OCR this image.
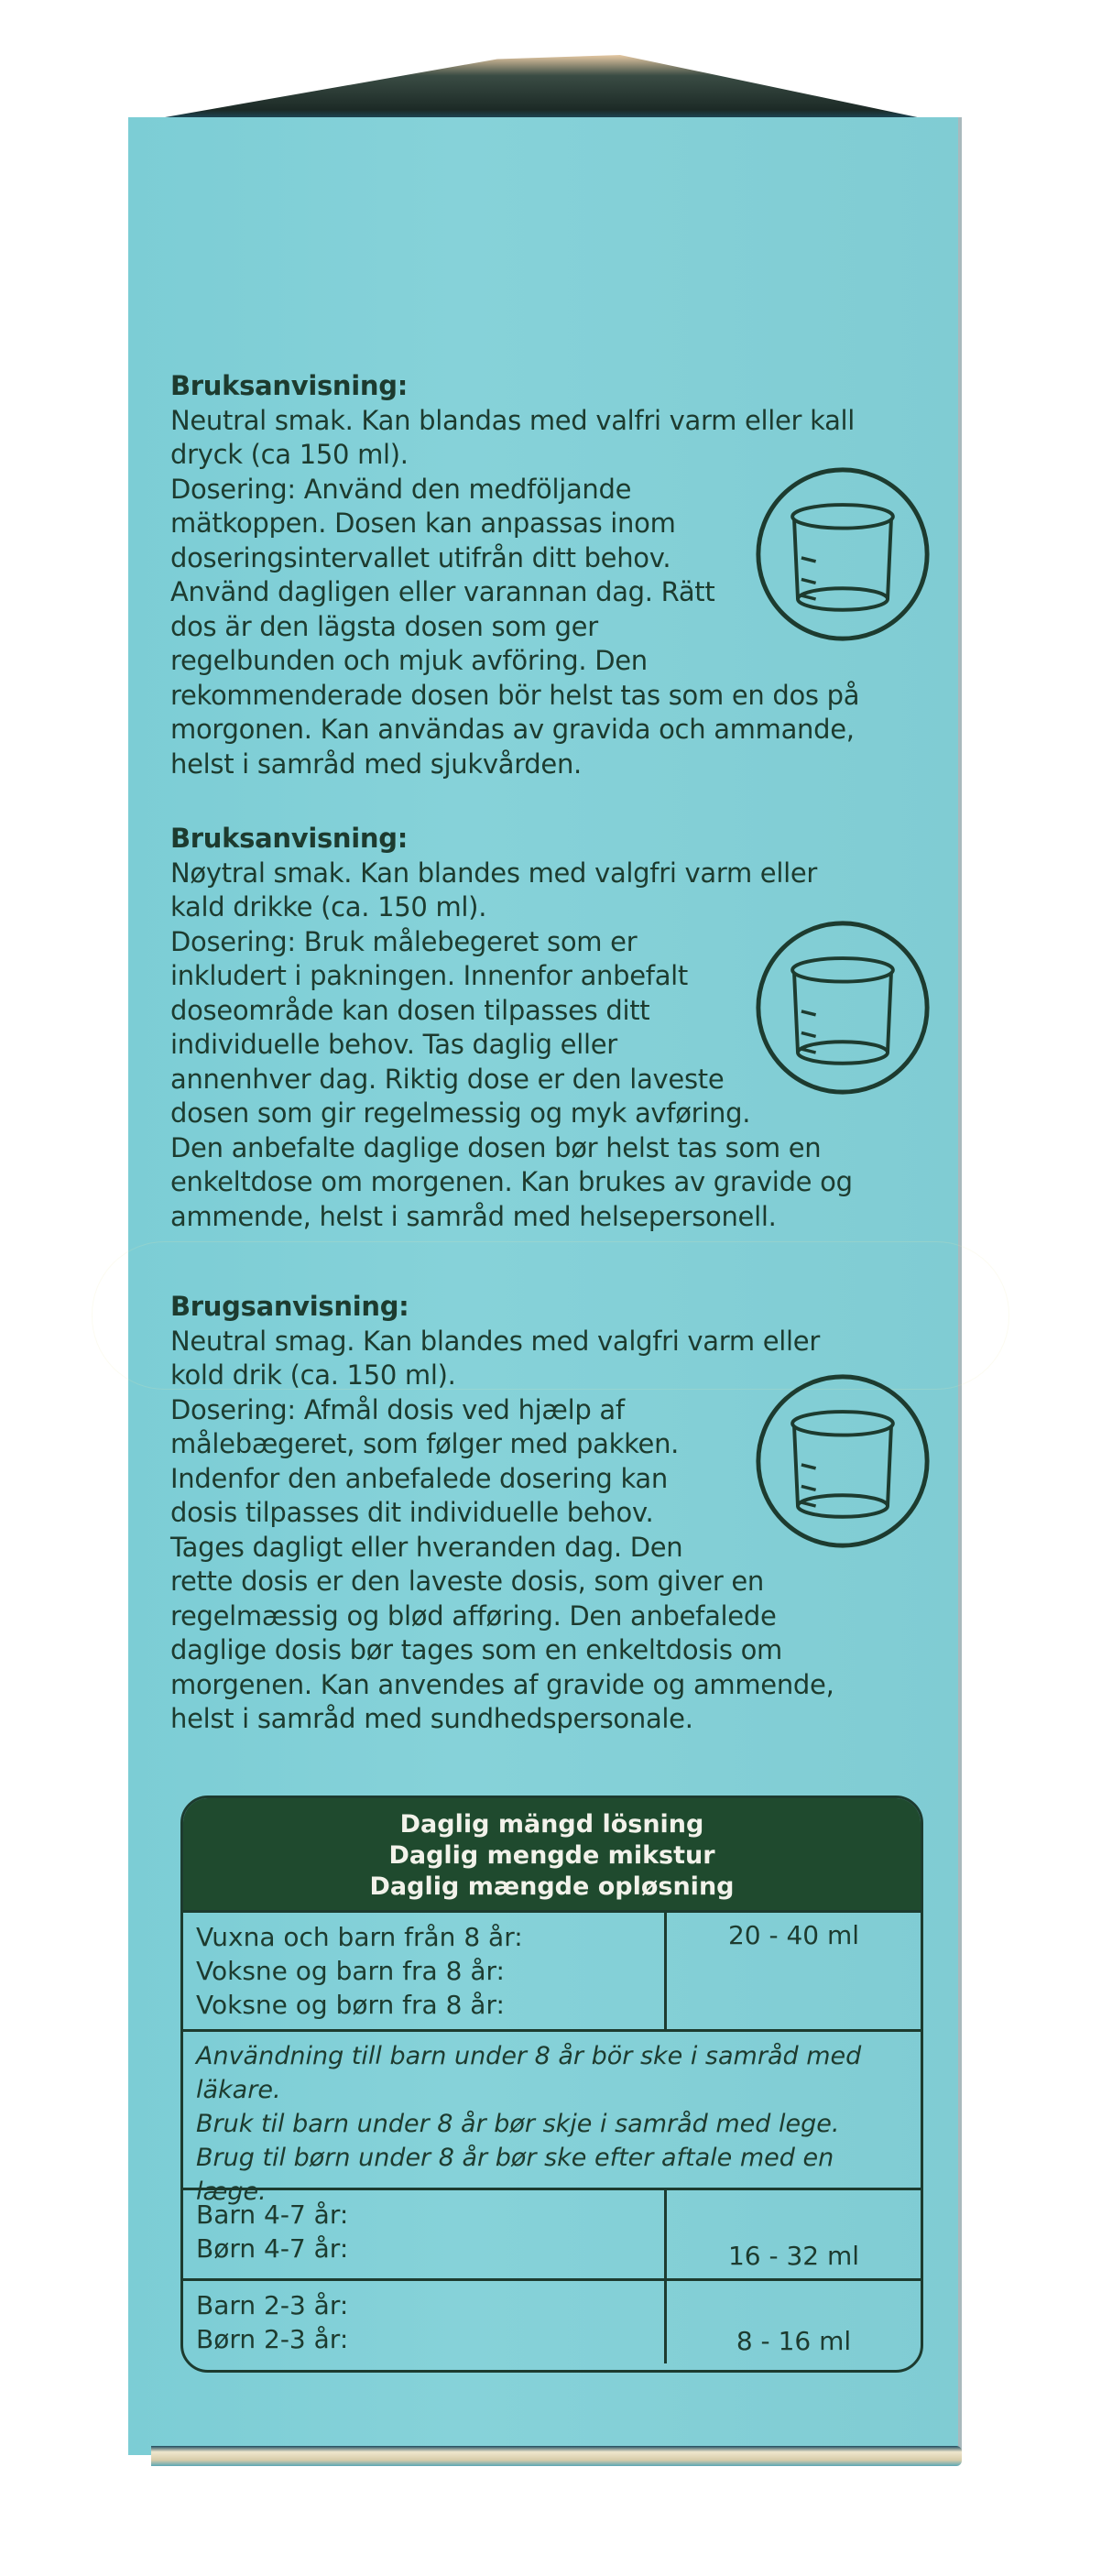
Bruksanvisning:
Neutral smak. Kan blandas med valfri varm eller kall
dryck (ca 150 ml).
Dosering: Använd den medföljande
mätkoppen. Dosen kan anpassas inom
doseringsintervallet utifrån ditt behov.
Använd dagligen eller varannan dag. Rätt
dos är den lägsta dosen som ger
regelbunden och mjuk avföring. Den
rekommenderade dosen bör helst tas som en dos på
morgonen. Kan användas av gravida och ammande,
helst i samråd med sjukvården.
Bruksanvisning:
Nøytral smak. Kan blandes med valgfri varm eller
kald drikke (ca. 150 ml).
Dosering: Bruk målebegeret som er
inkludert i pakningen. Innenfor anbefalt
doseområde kan dosen tilpasses ditt
individuelle behov. Tas daglig eller
annenhver dag. Riktig dose er den laveste
dosen som gir regelmessig og myk avføring.
Den anbefalte daglige dosen bør helst tas som en
enkeltdose om morgenen. Kan brukes av gravide og
ammende, helst i samråd med helsepersonell.
Brugsanvisning:
Neutral smag. Kan blandes med valgfri varm eller
kold drik (ca. 150 ml).
Dosering: Afmål dosis ved hjælp af
målebægeret, som følger med pakken.
Indenfor den anbefalede dosering kan
dosis tilpasses dit individuelle behov.
Tages dagligt eller hveranden dag. Den
rette dosis er den laveste dosis, som giver en
regelmæssig og blød afføring. Den anbefalede
daglige dosis bør tages som en enkeltdosis om
morgenen. Kan anvendes af gravide og ammende,
helst i samråd med sundhedspersonale.
Daglig mängd lösning
Daglig mengde mikstur
Daglig mængde opløsning
Vuxna och barn från 8 år:
Voksne og barn fra 8 år:
Voksne og børn fra 8 år:
20 - 40 ml
Användning till barn under 8 år bör ske i samråd med
läkare.
Bruk til barn under 8 år bør skje i samråd med lege.
Brug til børn under 8 år bør ske efter aftale med en læge.
Barn 4-7 år:
Børn 4-7 år:	16 - 32 ml
Barn 2-3 år:
Børn 2-3 år:	8 - 16 ml
